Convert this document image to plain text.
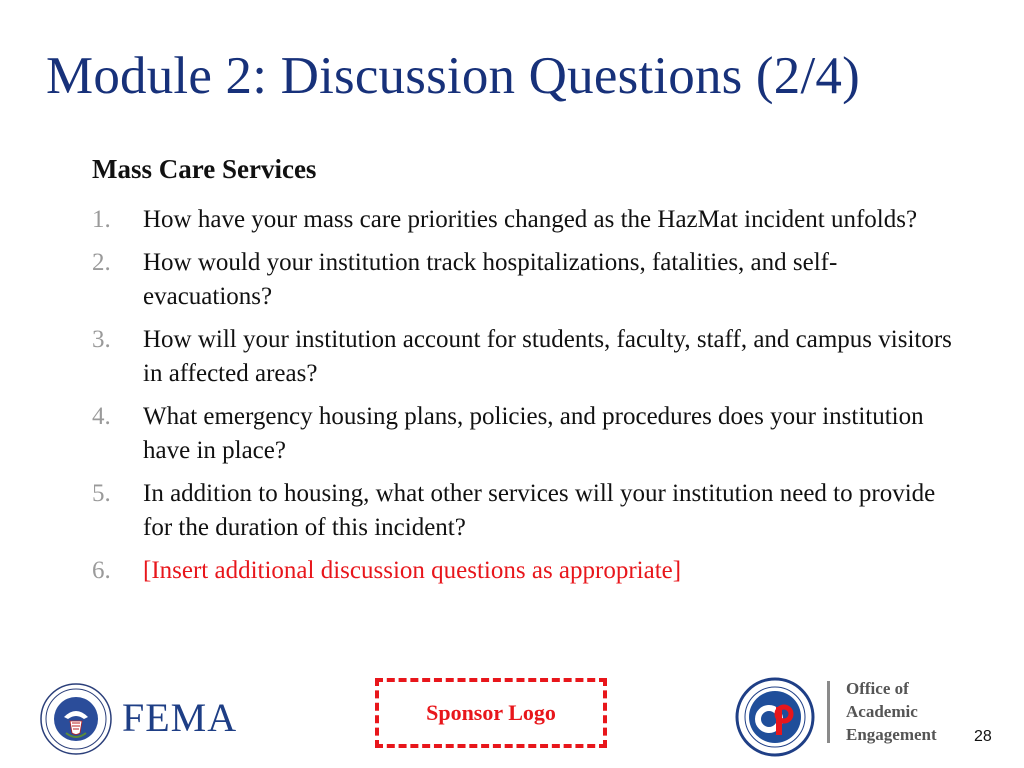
Module 2: Discussion Questions (2/4)
Mass Care Services
1.	How have your mass care priorities changed as the HazMat incident unfolds?
2.	How would your institution track hospitalizations, fatalities, and self-evacuations?
3.	How will your institution account for students, faculty, staff, and campus visitors in affected areas?
4.	What emergency housing plans, policies, and procedures does your institution have in place?
5.	In addition to housing, what other services will your institution need to provide for the duration of this incident?
6.	[Insert additional discussion questions as appropriate]
FEMA	Sponsor Logo
Office of
Academic
Engagement 28
